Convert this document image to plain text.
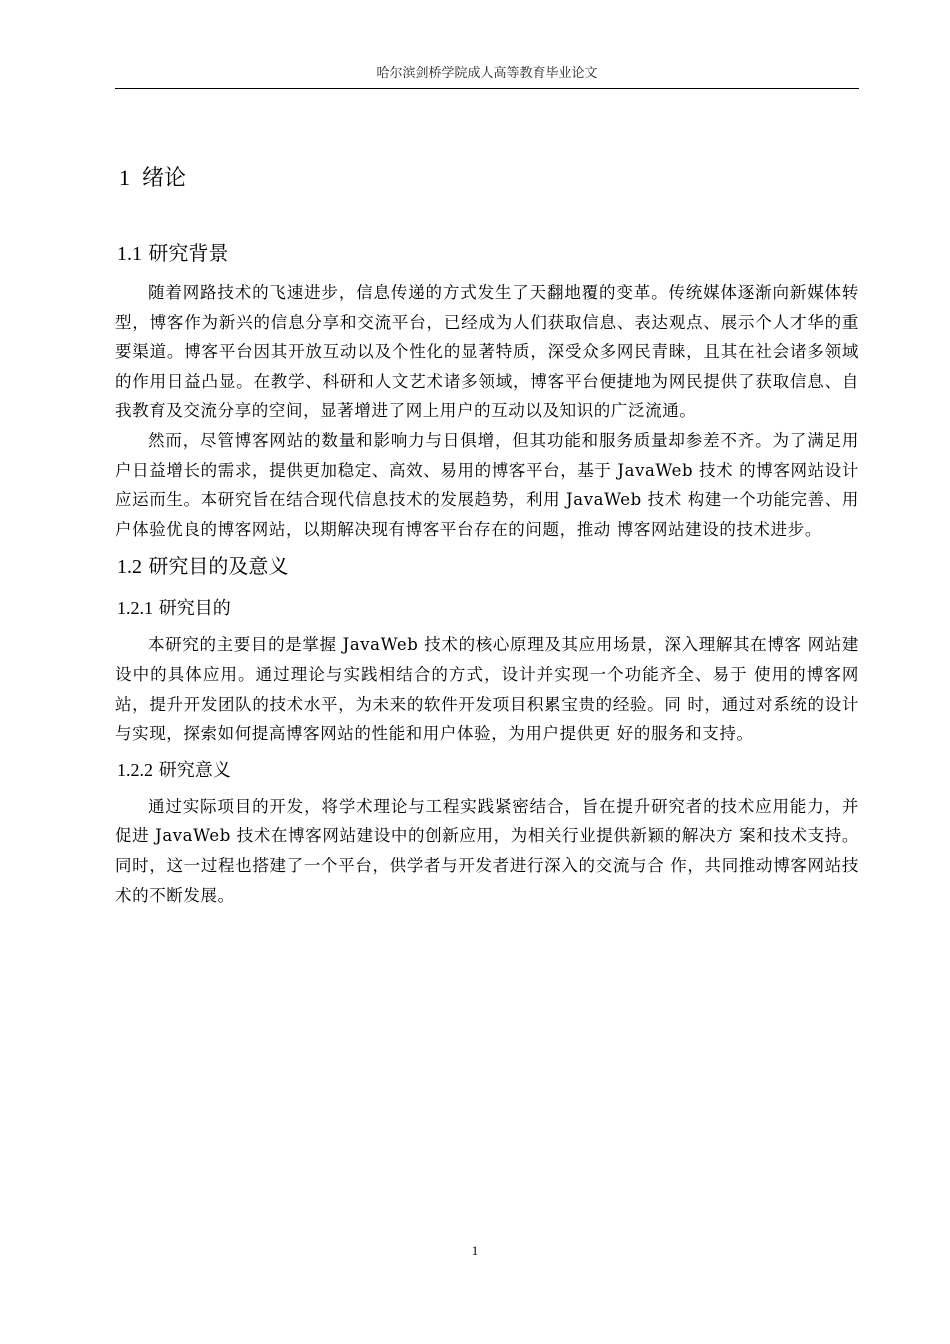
哈尔滨剑桥学院成人高等教育毕业论文
1 绪论
1.1 研究背景

随着网路技术的飞速进步，信息传递的方式发生了天翻地覆的变革。传统媒体逐渐向新媒体转型，博客作为新兴的信息分享和交流平台，已经成为人们获取信息、表达观点、展示个人才华的重要渠道。博客平台因其开放互动以及个性化的显著特质，深受众多网民青睐，且其在社会诸多领域的作用日益凸显。在教学、科研和人文艺术诸多领域，博客平台便捷地为网民提供了获取信息、自我教育及交流分享的空间，显著增进了网上用户的互动以及知识的广泛流通。

然而，尽管博客网站的数量和影响力与日俱增，但其功能和服务质量却参差不齐。为了满足用户日益增长的需求，提供更加稳定、高效、易用的博客平台，基于 JavaWeb 技术 的博客网站设计应运而生。本研究旨在结合现代信息技术的发展趋势，利用 JavaWeb 技术 构建一个功能完善、用户体验优良的博客网站，以期解决现有博客平台存在的问题，推动 博客网站建设的技术进步。

1.2 研究目的及意义
1.2.1 研究目的

本研究的主要目的是掌握 JavaWeb 技术的核心原理及其应用场景，深入理解其在博客 网站建设中的具体应用。通过理论与实践相结合的方式，设计并实现一个功能齐全、易于 使用的博客网站，提升开发团队的技术水平，为未来的软件开发项目积累宝贵的经验。同 时，通过对系统的设计与实现，探索如何提高博客网站的性能和用户体验，为用户提供更 好的服务和支持。

1.2.2 研究意义

通过实际项目的开发，将学术理论与工程实践紧密结合，旨在提升研究者的技术应用能力，并促进 JavaWeb 技术在博客网站建设中的创新应用，为相关行业提供新颖的解决方 案和技术支持。同时，这一过程也搭建了一个平台，供学者与开发者进行深入的交流与合 作，共同推动博客网站技术的不断发展。

1
